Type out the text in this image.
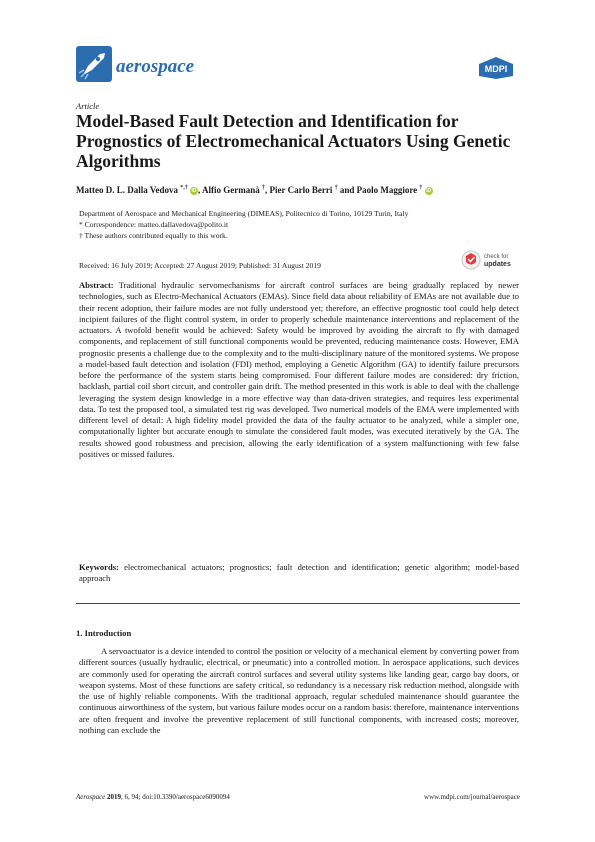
aerospace	MDPI
Article
Model-Based Fault Detection and Identification for Prognostics of Electromechanical Actuators Using Genetic Algorithms
Matteo D. L. Dalla Vedova *,† iD , Alfio Germanà †, Pier Carlo Berri † and Paolo Maggiore † iD
Department of Aerospace and Mechanical Engineering (DIMEAS), Politecnico di Torino, 10129 Turin, Italy
* Correspondence: matteo.dallavedova@polito.it
† These authors contributed equally to this work.
Received: 16 July 2019; Accepted: 27 August 2019; Published: 31 August 2019
check for
updates
Abstract: Traditional hydraulic servomechanisms for aircraft control surfaces are being gradually replaced by newer technologies, such as Electro-Mechanical Actuators (EMAs). Since field data about reliability of EMAs are not available due to their recent adoption, their failure modes are not fully understood yet; therefore, an effective prognostic tool could help detect incipient failures of the flight control system, in order to properly schedule maintenance interventions and replacement of the actuators. A twofold benefit would be achieved: Safety would be improved by avoiding the aircraft to fly with damaged components, and replacement of still functional components would be prevented, reducing maintenance costs. However, EMA prognostic presents a challenge due to the complexity and to the multi-disciplinary nature of the monitored systems. We propose a model-based fault detection and isolation (FDI) method, employing a Genetic Algorithm (GA) to identify failure precursors before the performance of the system starts being compromised. Four different failure modes are considered: dry friction, backlash, partial coil short circuit, and controller gain drift. The method presented in this work is able to deal with the challenge leveraging the system design knowledge in a more effective way than data-driven strategies, and requires less experimental data. To test the proposed tool, a simulated test rig was developed. Two numerical models of the EMA were implemented with different level of detail: A high fidelity model provided the data of the faulty actuator to be analyzed, while a simpler one, computationally lighter but accurate enough to simulate the considered fault modes, was executed iteratively by the GA. The results showed good robustness and precision, allowing the early identification of a system malfunctioning with few false positives or missed failures.
Keywords: electromechanical actuators; prognostics; fault detection and identification; genetic algorithm; model-based approach
1. Introduction
A servoactuator is a device intended to control the position or velocity of a mechanical element by converting power from different sources (usually hydraulic, electrical, or pneumatic) into a controlled motion. In aerospace applications, such devices are commonly used for operating the aircraft control surfaces and several utility systems like landing gear, cargo bay doors, or weapon systems. Most of these functions are safety critical, so redundancy is a necessary risk reduction method, alongside with the use of highly reliable components. With the traditional approach, regular scheduled maintenance should guarantee the continuous airworthiness of the system, but various failure modes occur on a random basis: therefore, maintenance interventions are often frequent and involve the preventive replacement of still functional components, with increased costs; moreover, nothing can exclude the
Aerospace 2019, 6, 94; doi:10.3390/aerospace6090094	www.mdpi.com/journal/aerospace
